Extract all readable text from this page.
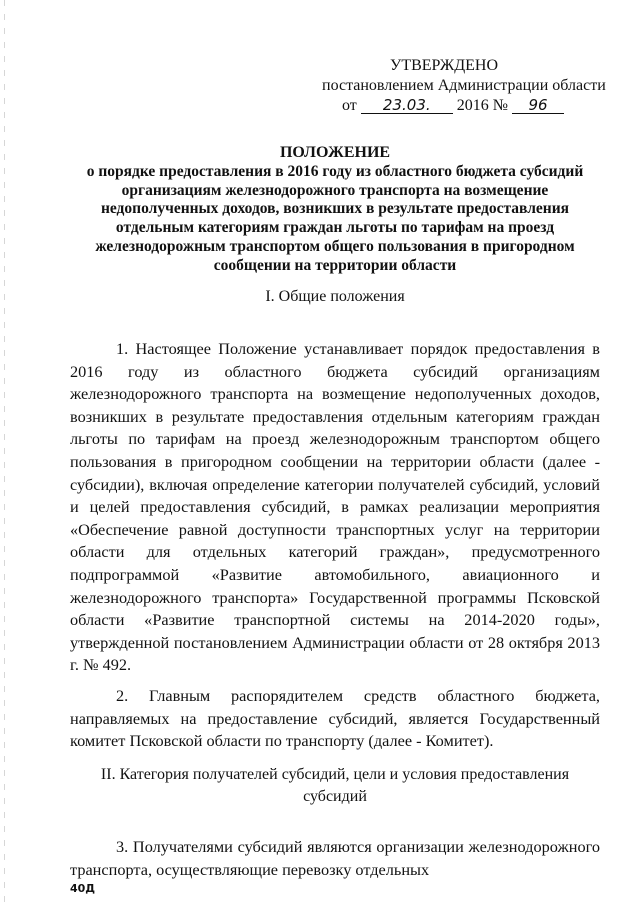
УТВЕРЖДЕНО
постановлением Администрации области
от 23.03. 2016 № 96
ПОЛОЖЕНИЕ
о порядке предоставления в 2016 году из областного бюджета субсидий организациям железнодорожного транспорта на возмещение недополученных доходов, возникших в результате предоставления отдельным категориям граждан льготы по тарифам на проезд железнодорожным транспортом общего пользования в пригородном сообщении на территории области
I. Общие положения
1. Настоящее Положение устанавливает порядок предоставления в 2016 году из областного бюджета субсидий организациям железнодорожного транспорта на возмещение недополученных доходов, возникших в результате предоставления отдельным категориям граждан льготы по тарифам на проезд железнодорожным транспортом общего пользования в пригородном сообщении на территории области (далее - субсидии), включая определение категории получателей субсидий, условий и целей предоставления субсидий, в рамках реализации мероприятия «Обеспечение равной доступности транспортных услуг на территории области для отдельных категорий граждан», предусмотренного подпрограммой «Развитие автомобильного, авиационного и железнодорожного транспорта» Государственной программы Псковской области «Развитие транспортной системы на 2014-2020 годы», утвержденной постановлением Администрации области от 28 октября 2013 г. № 492.
2. Главным распорядителем средств областного бюджета, направляемых на предоставление субсидий, является Государственный комитет Псковской области по транспорту (далее - Комитет).
II. Категория получателей субсидий, цели и условия предоставления субсидий
3. Получателями субсидий являются организации железнодорожного транспорта, осуществляющие перевозку отдельных
40Д
